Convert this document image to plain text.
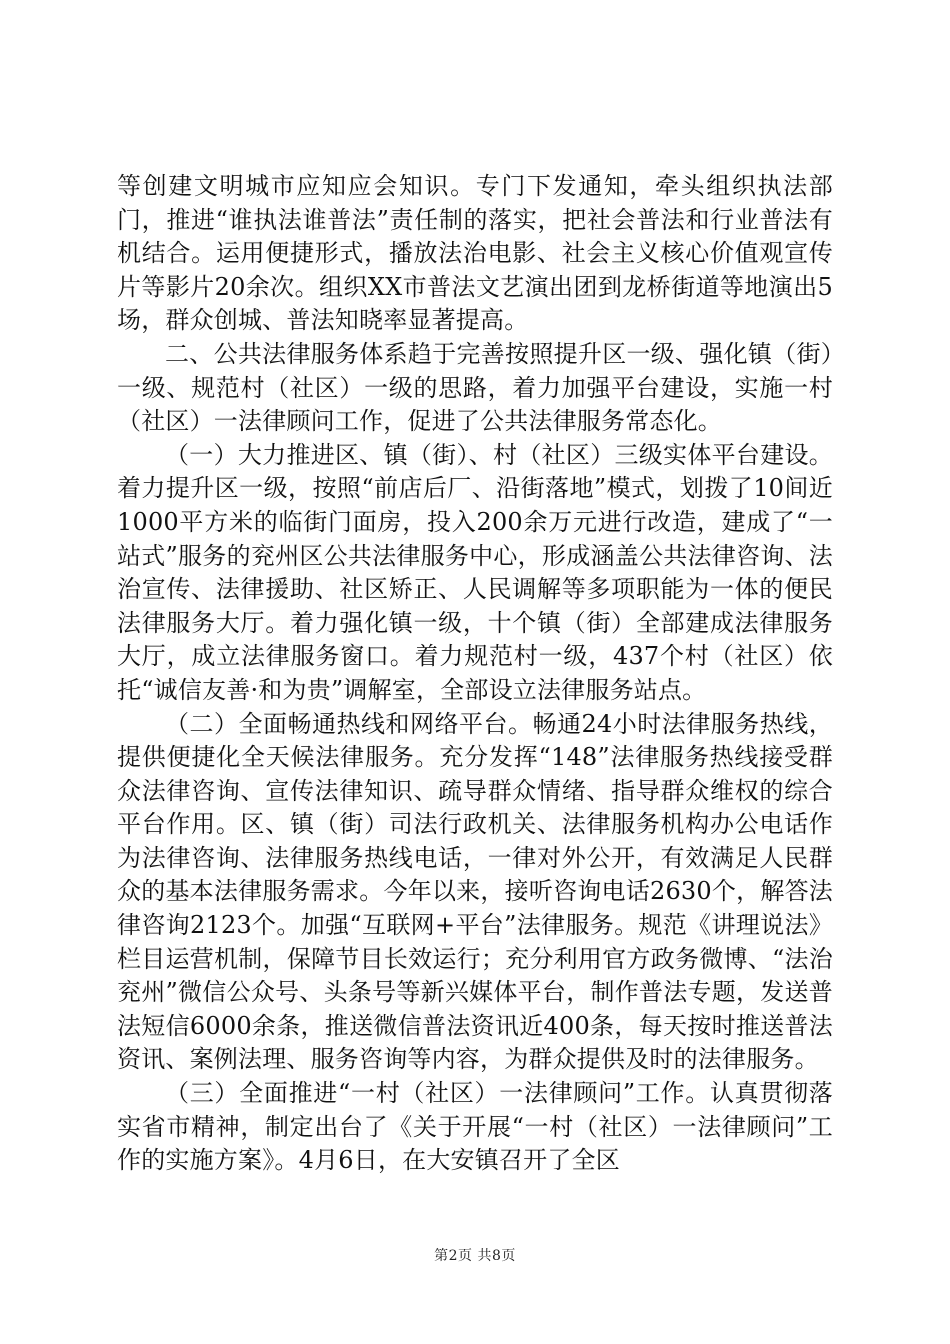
等创建文明城市应知应会知识。专门下发通知，牵头组织执法部门，推进“谁执法谁普法”责任制的落实，把社会普法和行业普法有机结合。运用便捷形式，播放法治电影、社会主义核心价值观宣传片等影片20余次。组织XX市普法文艺演出团到龙桥街道等地演出5场，群众创城、普法知晓率显著提高。

二、公共法律服务体系趋于完善按照提升区一级、强化镇（街）一级、规范村（社区）一级的思路，着力加强平台建设，实施一村（社区）一法律顾问工作，促进了公共法律服务常态化。

（一）大力推进区、镇（街）、村（社区）三级实体平台建设。着力提升区一级，按照“前店后厂、沿街落地”模式，划拨了10间近1000平方米的临街门面房，投入200余万元进行改造，建成了“一站式”服务的兖州区公共法律服务中心，形成涵盖公共法律咨询、法治宣传、法律援助、社区矫正、人民调解等多项职能为一体的便民法律服务大厅。着力强化镇一级，十个镇（街）全部建成法律服务大厅，成立法律服务窗口。着力规范村一级，437个村（社区）依托“诚信友善·和为贵”调解室，全部设立法律服务站点。

（二）全面畅通热线和网络平台。畅通24小时法律服务热线，提供便捷化全天候法律服务。充分发挥“148”法律服务热线接受群众法律咨询、宣传法律知识、疏导群众情绪、指导群众维权的综合平台作用。区、镇（街）司法行政机关、法律服务机构办公电话作为法律咨询、法律服务热线电话，一律对外公开，有效满足人民群众的基本法律服务需求。今年以来，接听咨询电话2630个，解答法律咨询2123个。加强“互联网+平台”法律服务。规范《讲理说法》栏目运营机制，保障节目长效运行；充分利用官方政务微博、“法治兖州”微信公众号、头条号等新兴媒体平台，制作普法专题，发送普法短信6000余条，推送微信普法资讯近400条，每天按时推送普法资讯、案例法理、服务咨询等内容，为群众提供及时的法律服务。

（三）全面推进“一村（社区）一法律顾问”工作。认真贯彻落实省市精神，制定出台了《关于开展“一村（社区）一法律顾问”工作的实施方案》。4月6日，在大安镇召开了全区

第2页 共8页
